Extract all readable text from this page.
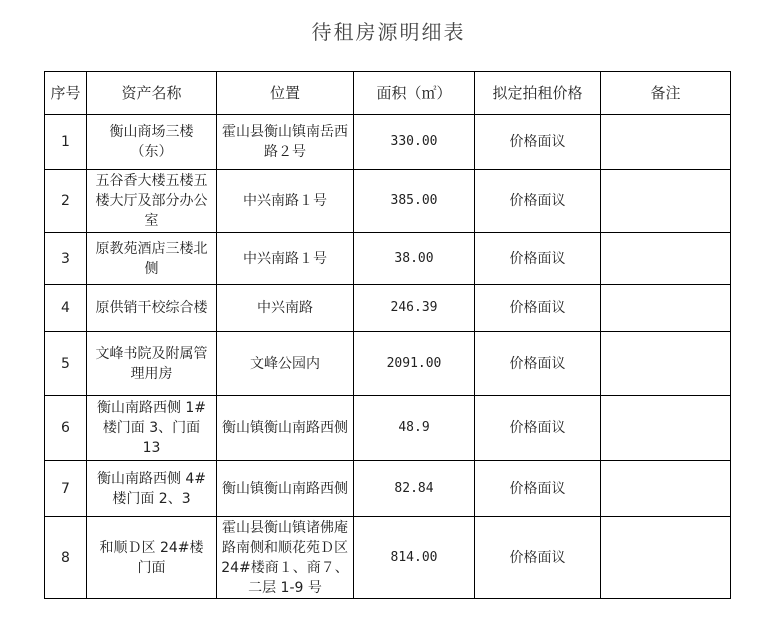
待租房源明细表
序号	资产名称	位置	面积（㎡）	拟定拍租价格	备注
1	衡山商场三楼（东）	霍山县衡山镇南岳西路２号	330.00	价格面议	
2	五谷香大楼五楼五楼大厅及部分办公室	中兴南路１号	385.00	价格面议	
3	原教苑酒店三楼北侧	中兴南路１号	38.00	价格面议	
4	原供销干校综合楼	中兴南路	246.39	价格面议	
5	文峰书院及附属管理用房	文峰公园内	2091.00	价格面议	
6	衡山南路西侧 1#楼门面 3、门面 13	衡山镇衡山南路西侧	48.9	价格面议	
7	衡山南路西侧 4#楼门面 2、3	衡山镇衡山南路西侧	82.84	价格面议	
8	和顺Ｄ区 24#楼门面	霍山县衡山镇诸佛庵路南侧和顺花苑Ｄ区 24#楼商１、商７、二层 1-9 号	814.00	价格面议	
